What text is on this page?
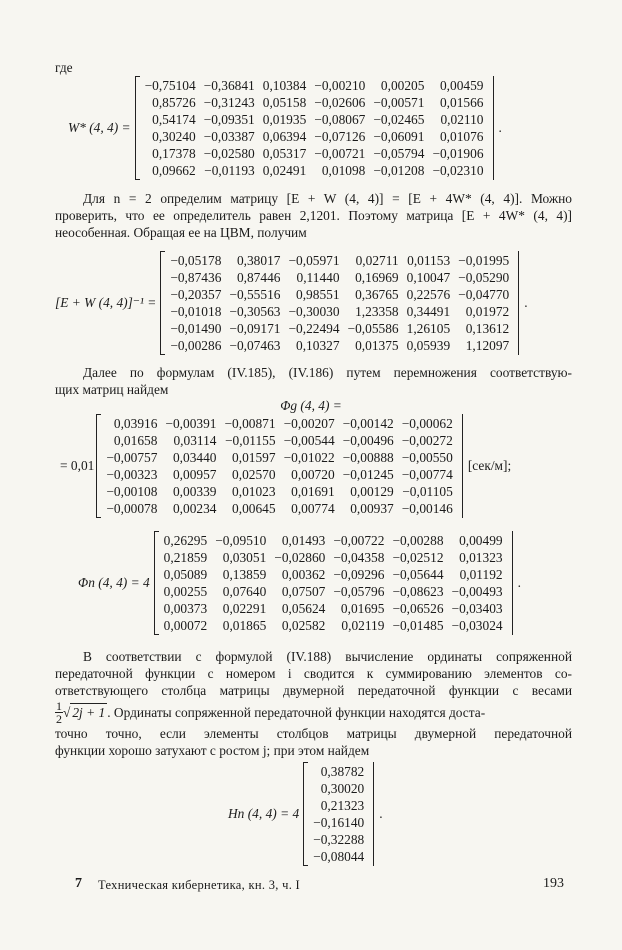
где
W* (4, 4) =
−0,75104	−0,36841	0,10384	−0,00210	0,00205	0,00459
0,85726	−0,31243	0,05158	−0,02606	−0,00571	0,01566
0,54174	−0,09351	0,01935	−0,08067	−0,02465	0,02110
0,30240	−0,03387	0,06394	−0,07126	−0,06091	0,01076
0,17378	−0,02580	0,05317	−0,00721	−0,05794	−0,01906
0,09662	−0,01193	0,02491	0,01098	−0,01208	−0,02310
.
Для n = 2 определим матрицу [E + W (4, 4)] = [E + 4W* (4, 4)]. Можно
проверить, что ее определитель равен 2,1201. Поэтому матрица [E + 4W* (4, 4)]
неособенная. Обращая ее на ЦВМ, получим
[E + W (4, 4)]⁻¹ =
−0,05178	0,38017	−0,05971	0,02711	0,01153	−0,01995
−0,87436	0,87446	0,11440	0,16969	0,10047	−0,05290
−0,20357	−0,55516	0,98551	0,36765	0,22576	−0,04770
−0,01018	−0,30563	−0,30030	1,23358	0,34491	0,01972
−0,01490	−0,09171	−0,22494	−0,05586	1,26105	0,13612
−0,00286	−0,07463	0,10327	0,01375	0,05939	1,12097
.
Далее по формулам (IV.185), (IV.186) путем перемножения соответствую-
щих матриц найдем
Φg (4, 4) =
= 0,01
0,03916	−0,00391	−0,00871	−0,00207	−0,00142	−0,00062
0,01658	0,03114	−0,01155	−0,00544	−0,00496	−0,00272
−0,00757	0,03440	0,01597	−0,01022	−0,00888	−0,00550
−0,00323	0,00957	0,02570	0,00720	−0,01245	−0,00774
−0,00108	0,00339	0,01023	0,01691	0,00129	−0,01105
−0,00078	0,00234	0,00645	0,00774	0,00937	−0,00146
[сек/м];
Φn (4, 4) = 4
0,26295	−0,09510	0,01493	−0,00722	−0,00288	0,00499
0,21859	0,03051	−0,02860	−0,04358	−0,02512	0,01323
0,05089	0,13859	0,00362	−0,09296	−0,05644	0,01192
0,00255	0,07640	0,07507	−0,05796	−0,08623	−0,00493
0,00373	0,02291	0,05624	0,01695	−0,06526	−0,03403
0,00072	0,01865	0,02582	0,02119	−0,01485	−0,03024
.
В соответствии с формулой (IV.188) вычисление ординаты сопряженной
передаточной функции с номером i сводится к суммированию элементов со-
ответствующего столбца матрицы двумерной передаточной функции с весами
$\frac{1}{2}$ √ 2j + 1 . Ординаты сопряженной передаточной функции находятся доста-
точно точно, если элементы столбцов матрицы двумерной передаточной
функции хорошо затухают с ростом j; при этом найдем
Hn (4, 4) = 4
0,38782
0,30020
0,21323
−0,16140
−0,32288
−0,08044
.
7 Техническая кибернетика, кн. 3, ч. I	193
